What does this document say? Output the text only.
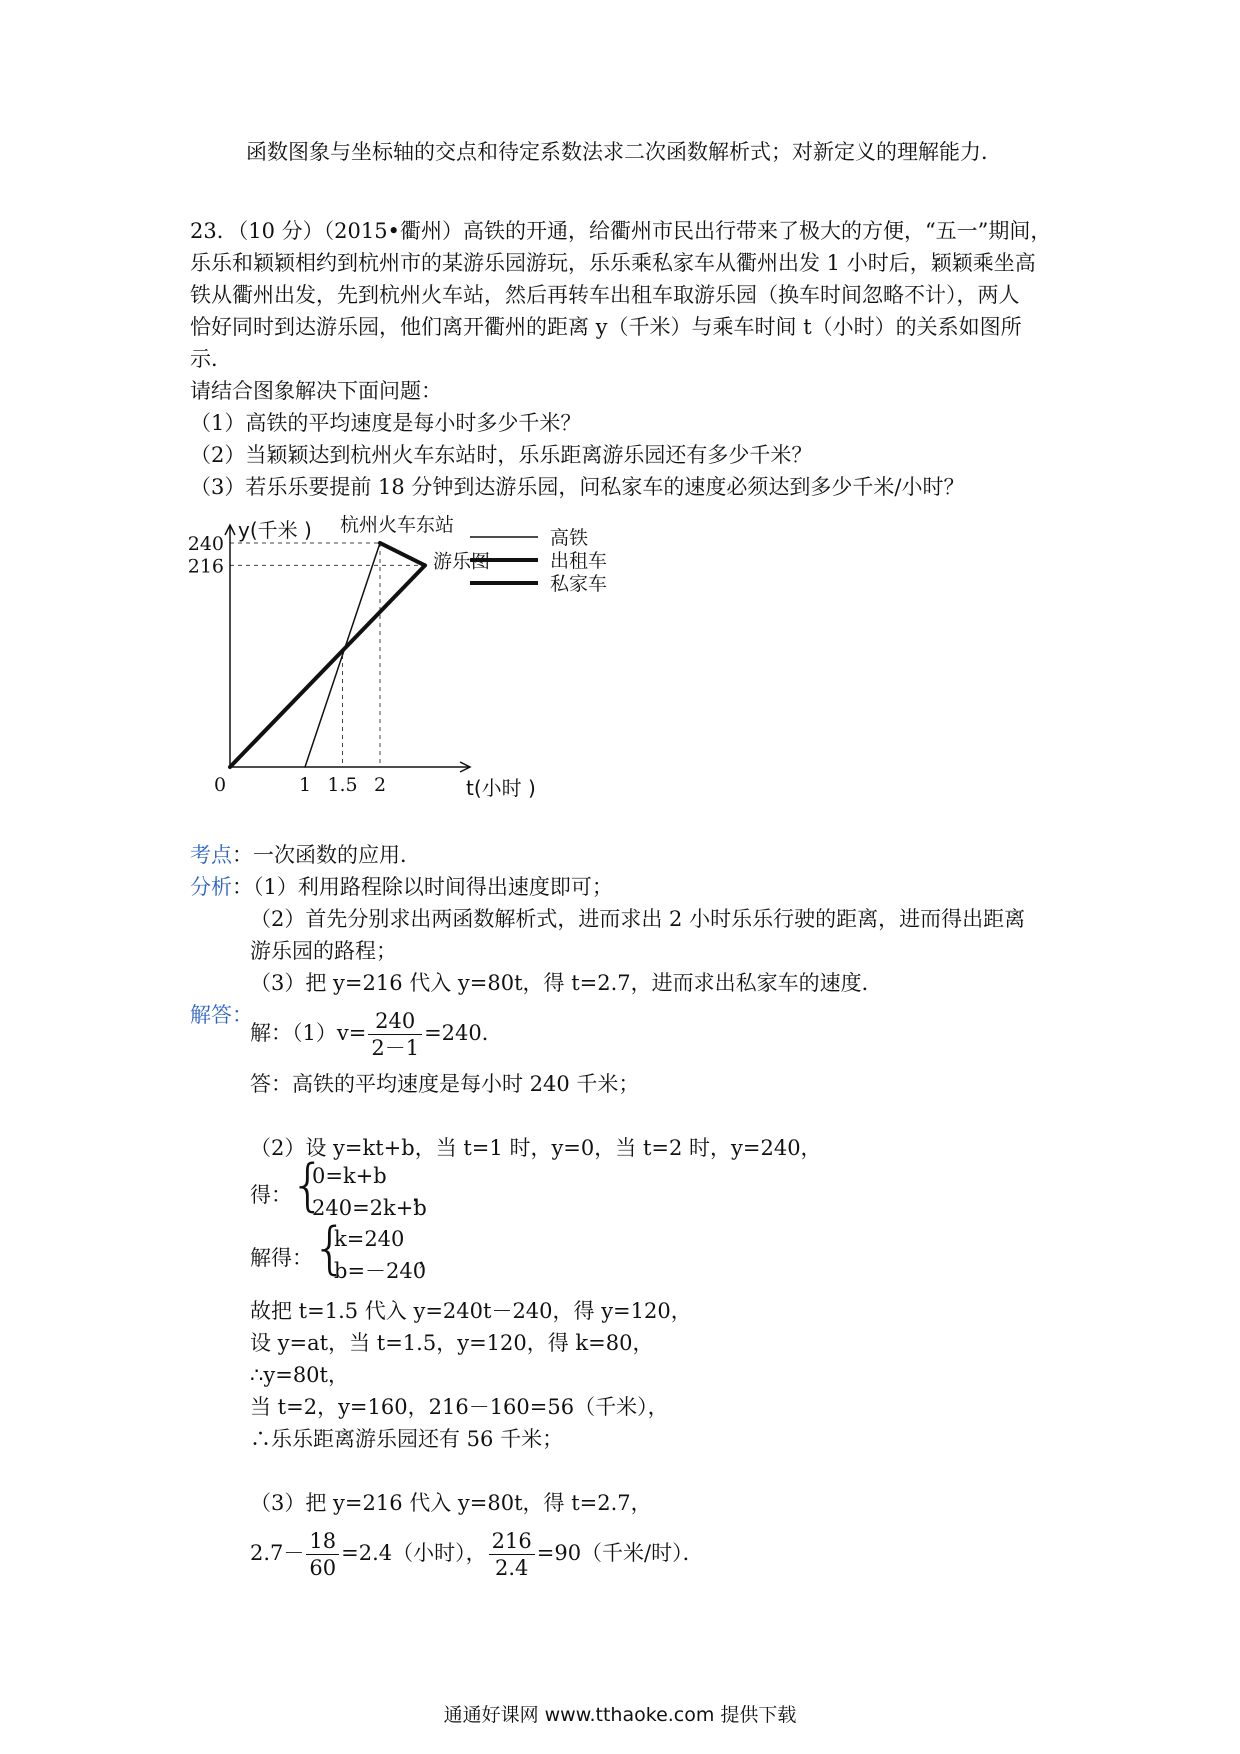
函数图象与坐标轴的交点和待定系数法求二次函数解析式；对新定义的理解能力．
23．（10 分）（2015•衢州）高铁的开通，给衢州市民出行带来了极大的方便，“五一”期间，
乐乐和颖颖相约到杭州市的某游乐园游玩，乐乐乘私家车从衢州出发 1 小时后，颖颖乘坐高
铁从衢州出发，先到杭州火车站，然后再转车出租车取游乐园（换车时间忽略不计），两人
恰好同时到达游乐园，他们离开衢州的距离 y（千米）与乘车时间 t（小时）的关系如图所
示．
请结合图象解决下面问题：
（1）高铁的平均速度是每小时多少千米？
（2）当颖颖达到杭州火车东站时，乐乐距离游乐园还有多少千米？
（3）若乐乐要提前 18 分钟到达游乐园，问私家车的速度必须达到多少千米/小时？
y(千米 )
t(小时 )
0	1 1.5 2
216
240
杭州火车东站
游乐图
高铁
出租车
私家车
考点：一次函数的应用．
分析：（1）利用路程除以时间得出速度即可；
（2）首先分别求出两函数解析式，进而求出 2 小时乐乐行驶的距离，进而得出距离
游乐园的路程；
（3）把 y=216 代入 y=80t，得 t=2.7，进而求出私家车的速度．
解答：
解：$(1)v= \frac{240}{2-1} =240$．
答：高铁的平均速度是每小时 240 千米；
（2）设 y=kt+b，当 t=1 时，y=0，当 t=2 时，y=240，
得：
{
0=k+b
240=2k+b
，
解得： {
k=240
b=－240
，
故把 t=1.5 代入 y=240t－240，得 y=120，
设 y=at，当 t=1.5，y=120，得 k=80，
∴y=80t，
当 t=2，y=160，216－160=56（千米），
∴乐乐距离游乐园还有 56 千米；
（3）把 y=216 代入 y=80t，得 t=2.7，
$2.7- \frac{18}{60} =2.4$（小时）， $\frac{216}{2.4} =90$（千米/时）．
通通好课网 www.tthaoke.com 提供下载
